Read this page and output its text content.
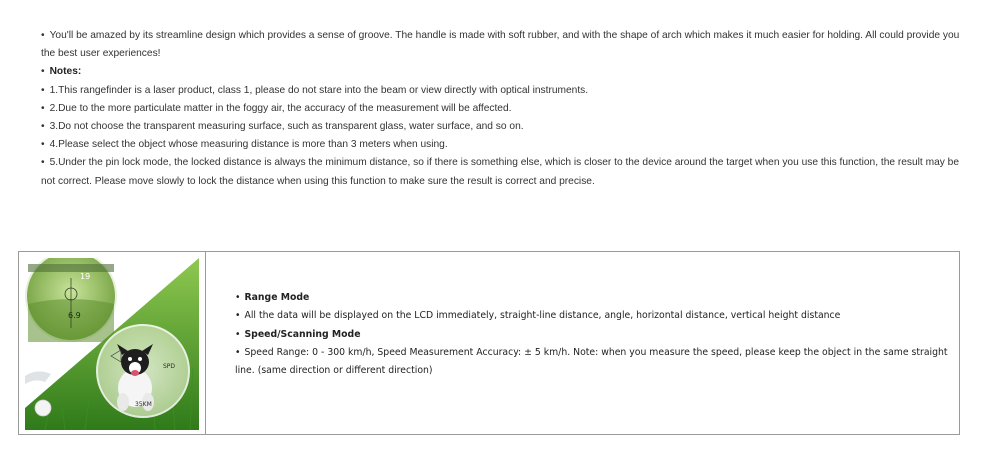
• You'll be amazed by its streamline design which provides a sense of groove. The handle is made with soft rubber, and with the shape of arch which makes it much easier for holding. All could provide you the best user experiences!

• Notes:

• 1.This rangefinder is a laser product, class 1, please do not stare into the beam or view directly with optical instruments.

• 2.Due to the more particulate matter in the foggy air, the accuracy of the measurement will be affected.

• 3.Do not choose the transparent measuring surface, such as transparent glass, water surface, and so on.

• 4.Please select the object whose measuring distance is more than 3 meters when using.

• 5.Under the pin lock mode, the locked distance is always the minimum distance, so if there is something else, which is closer to the device around the target when you use this function, the result may be not correct. Please move slowly to lock the distance when using this function to make sure the result is correct and precise.

19
6.9
SPD
35KM

• Range Mode

• All the data will be displayed on the LCD immediately, straight-line distance, angle, horizontal distance, vertical height distance

• Speed/Scanning Mode

• Speed Range: 0 - 300 km/h, Speed Measurement Accuracy: ± 5 km/h. Note: when you measure the speed, please keep the object in the same straight line. (same direction or different direction)
